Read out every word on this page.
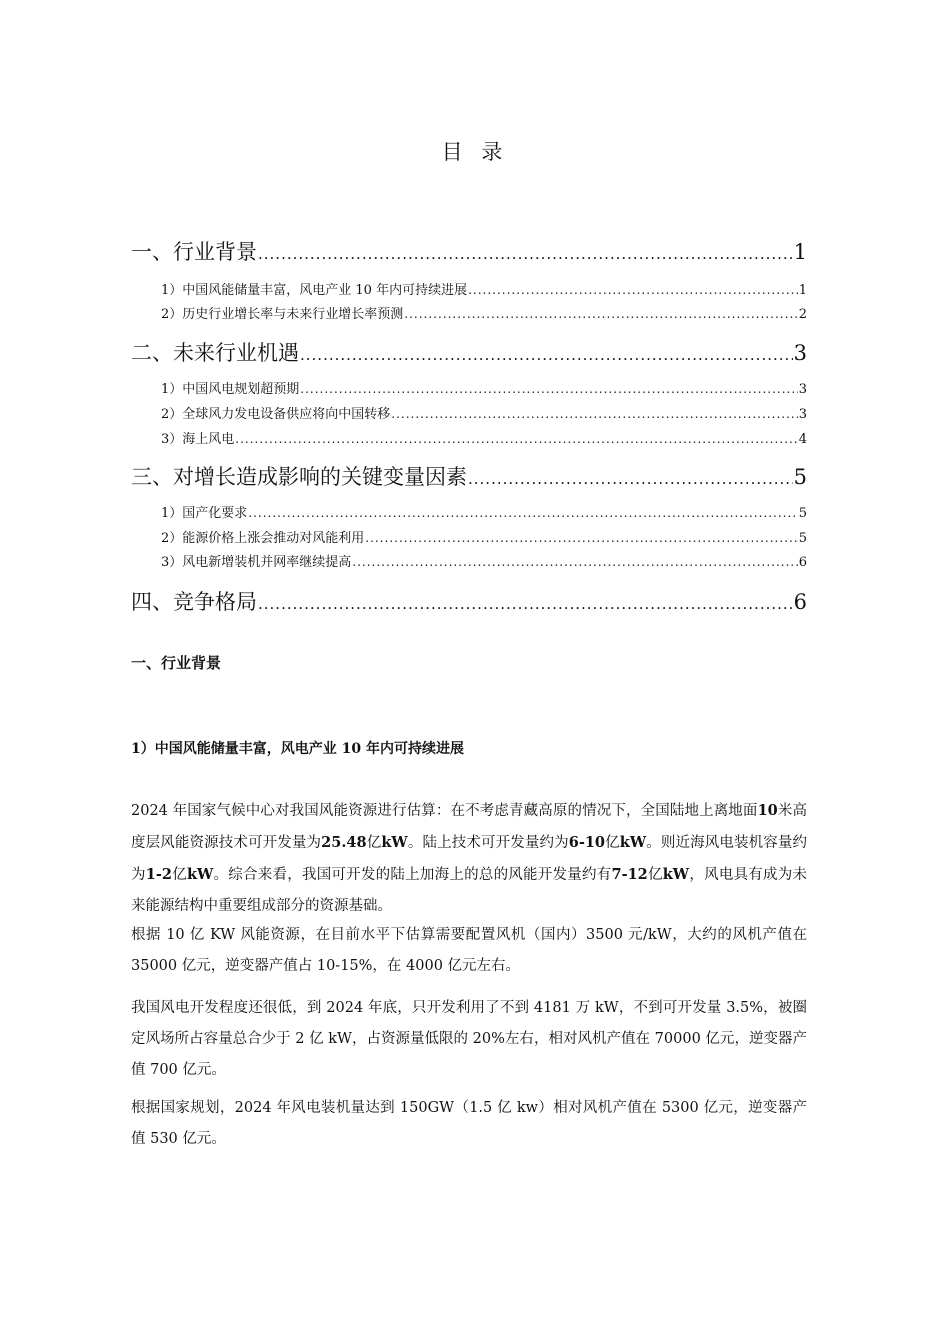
目 录
一、行业背景 .....	1
1）中国风能储量丰富，风电产业 10 年内可持续进展 .....	1
2）历史行业增长率与未来行业增长率预测 .....	2
二、未来行业机遇 .....	3
1）中国风电规划超预期 .....	3
2）全球风力发电设备供应将向中国转移 .....	3
3）海上风电 .....	4
三、对增长造成影响的关键变量因素 .....	5
1）国产化要求 .....	5
2）能源价格上涨会推动对风能利用 .....	5
3）风电新增装机并网率继续提高 .....	6
四、竞争格局 .....	6
一、行业背景
1）中国风能储量丰富，风电产业 10 年内可持续进展
2024 年国家气候中心对我国风能资源进行估算：在不考虑青藏高原的情况下，全国陆地上离地面10米高度层风能资源技术可开发量为25.48亿kW。陆上技术可开发量约为6-10亿kW。则近海风电装机容量约为1-2亿kW。综合来看，我国可开发的陆上加海上的总的风能开发量约有7-12亿kW，风电具有成为未来能源结构中重要组成部分的资源基础。
根据 10 亿 KW 风能资源，在目前水平下估算需要配置风机（国内）3500 元/kW，大约的风机产值在 35000 亿元，逆变器产值占 10-15%，在 4000 亿元左右。
我国风电开发程度还很低，到 2024 年底，只开发利用了不到 4181 万 kW，不到可开发量 3.5%，被圈定风场所占容量总合少于 2 亿 kW，占资源量低限的 20%左右，相对风机产值在 70000 亿元，逆变器产值 700 亿元。
根据国家规划，2024 年风电装机量达到 150GW（1.5 亿 kw）相对风机产值在 5300 亿元，逆变器产值 530 亿元。
